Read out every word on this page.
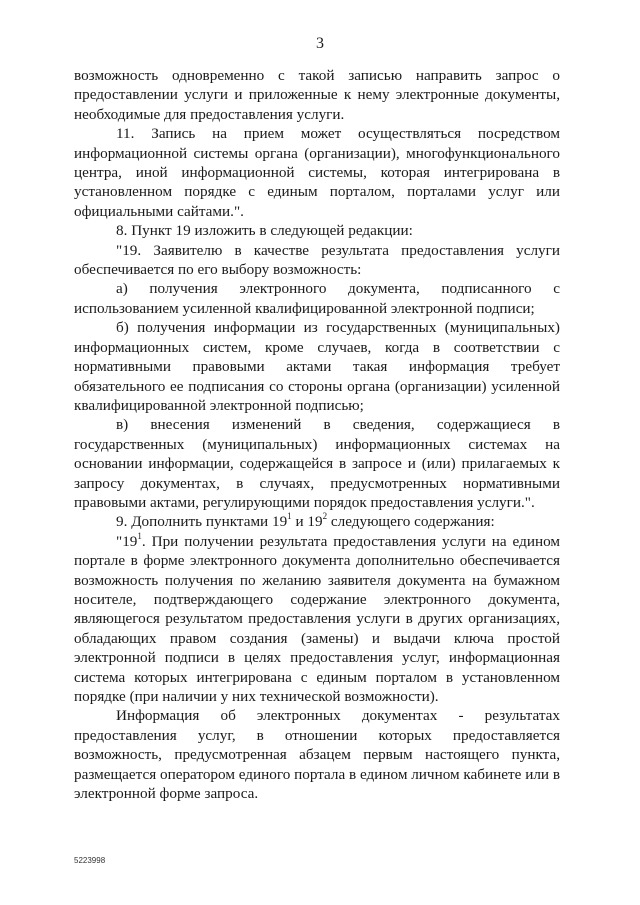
3

возможность одновременно с такой записью направить запрос о предоставлении услуги и приложенные к нему электронные документы, необходимые для предоставления услуги.

11. Запись на прием может осуществляться посредством информационной системы органа (организации), многофункционального центра, иной информационной системы, которая интегрирована в установленном порядке с единым порталом, порталами услуг или официальными сайтами.".

8. Пункт 19 изложить в следующей редакции:

"19. Заявителю в качестве результата предоставления услуги обеспечивается по его выбору возможность:

а) получения электронного документа, подписанного с использованием усиленной квалифицированной электронной подписи;

б) получения информации из государственных (муниципальных) информационных систем, кроме случаев, когда в соответствии с нормативными правовыми актами такая информация требует обязательного ее подписания со стороны органа (организации) усиленной квалифицированной электронной подписью;

в) внесения изменений в сведения, содержащиеся в государственных (муниципальных) информационных системах на основании информации, содержащейся в запросе и (или) прилагаемых к запросу документах, в случаях, предусмотренных нормативными правовыми актами, регулирующими порядок предоставления услуги.".

9. Дополнить пунктами $19^1$ и $19^2$ следующего содержания:

"$19^1$. При получении результата предоставления услуги на едином портале в форме электронного документа дополнительно обеспечивается возможность получения по желанию заявителя документа на бумажном носителе, подтверждающего содержание электронного документа, являющегося результатом предоставления услуги в других организациях, обладающих правом создания (замены) и выдачи ключа простой электронной подписи в целях предоставления услуг, информационная система которых интегрирована с единым порталом в установленном порядке (при наличии у них технической возможности).

Информация об электронных документах - результатах предоставления услуг, в отношении которых предоставляется возможность, предусмотренная абзацем первым настоящего пункта, размещается оператором единого портала в едином личном кабинете или в электронной форме запроса.

5223998
